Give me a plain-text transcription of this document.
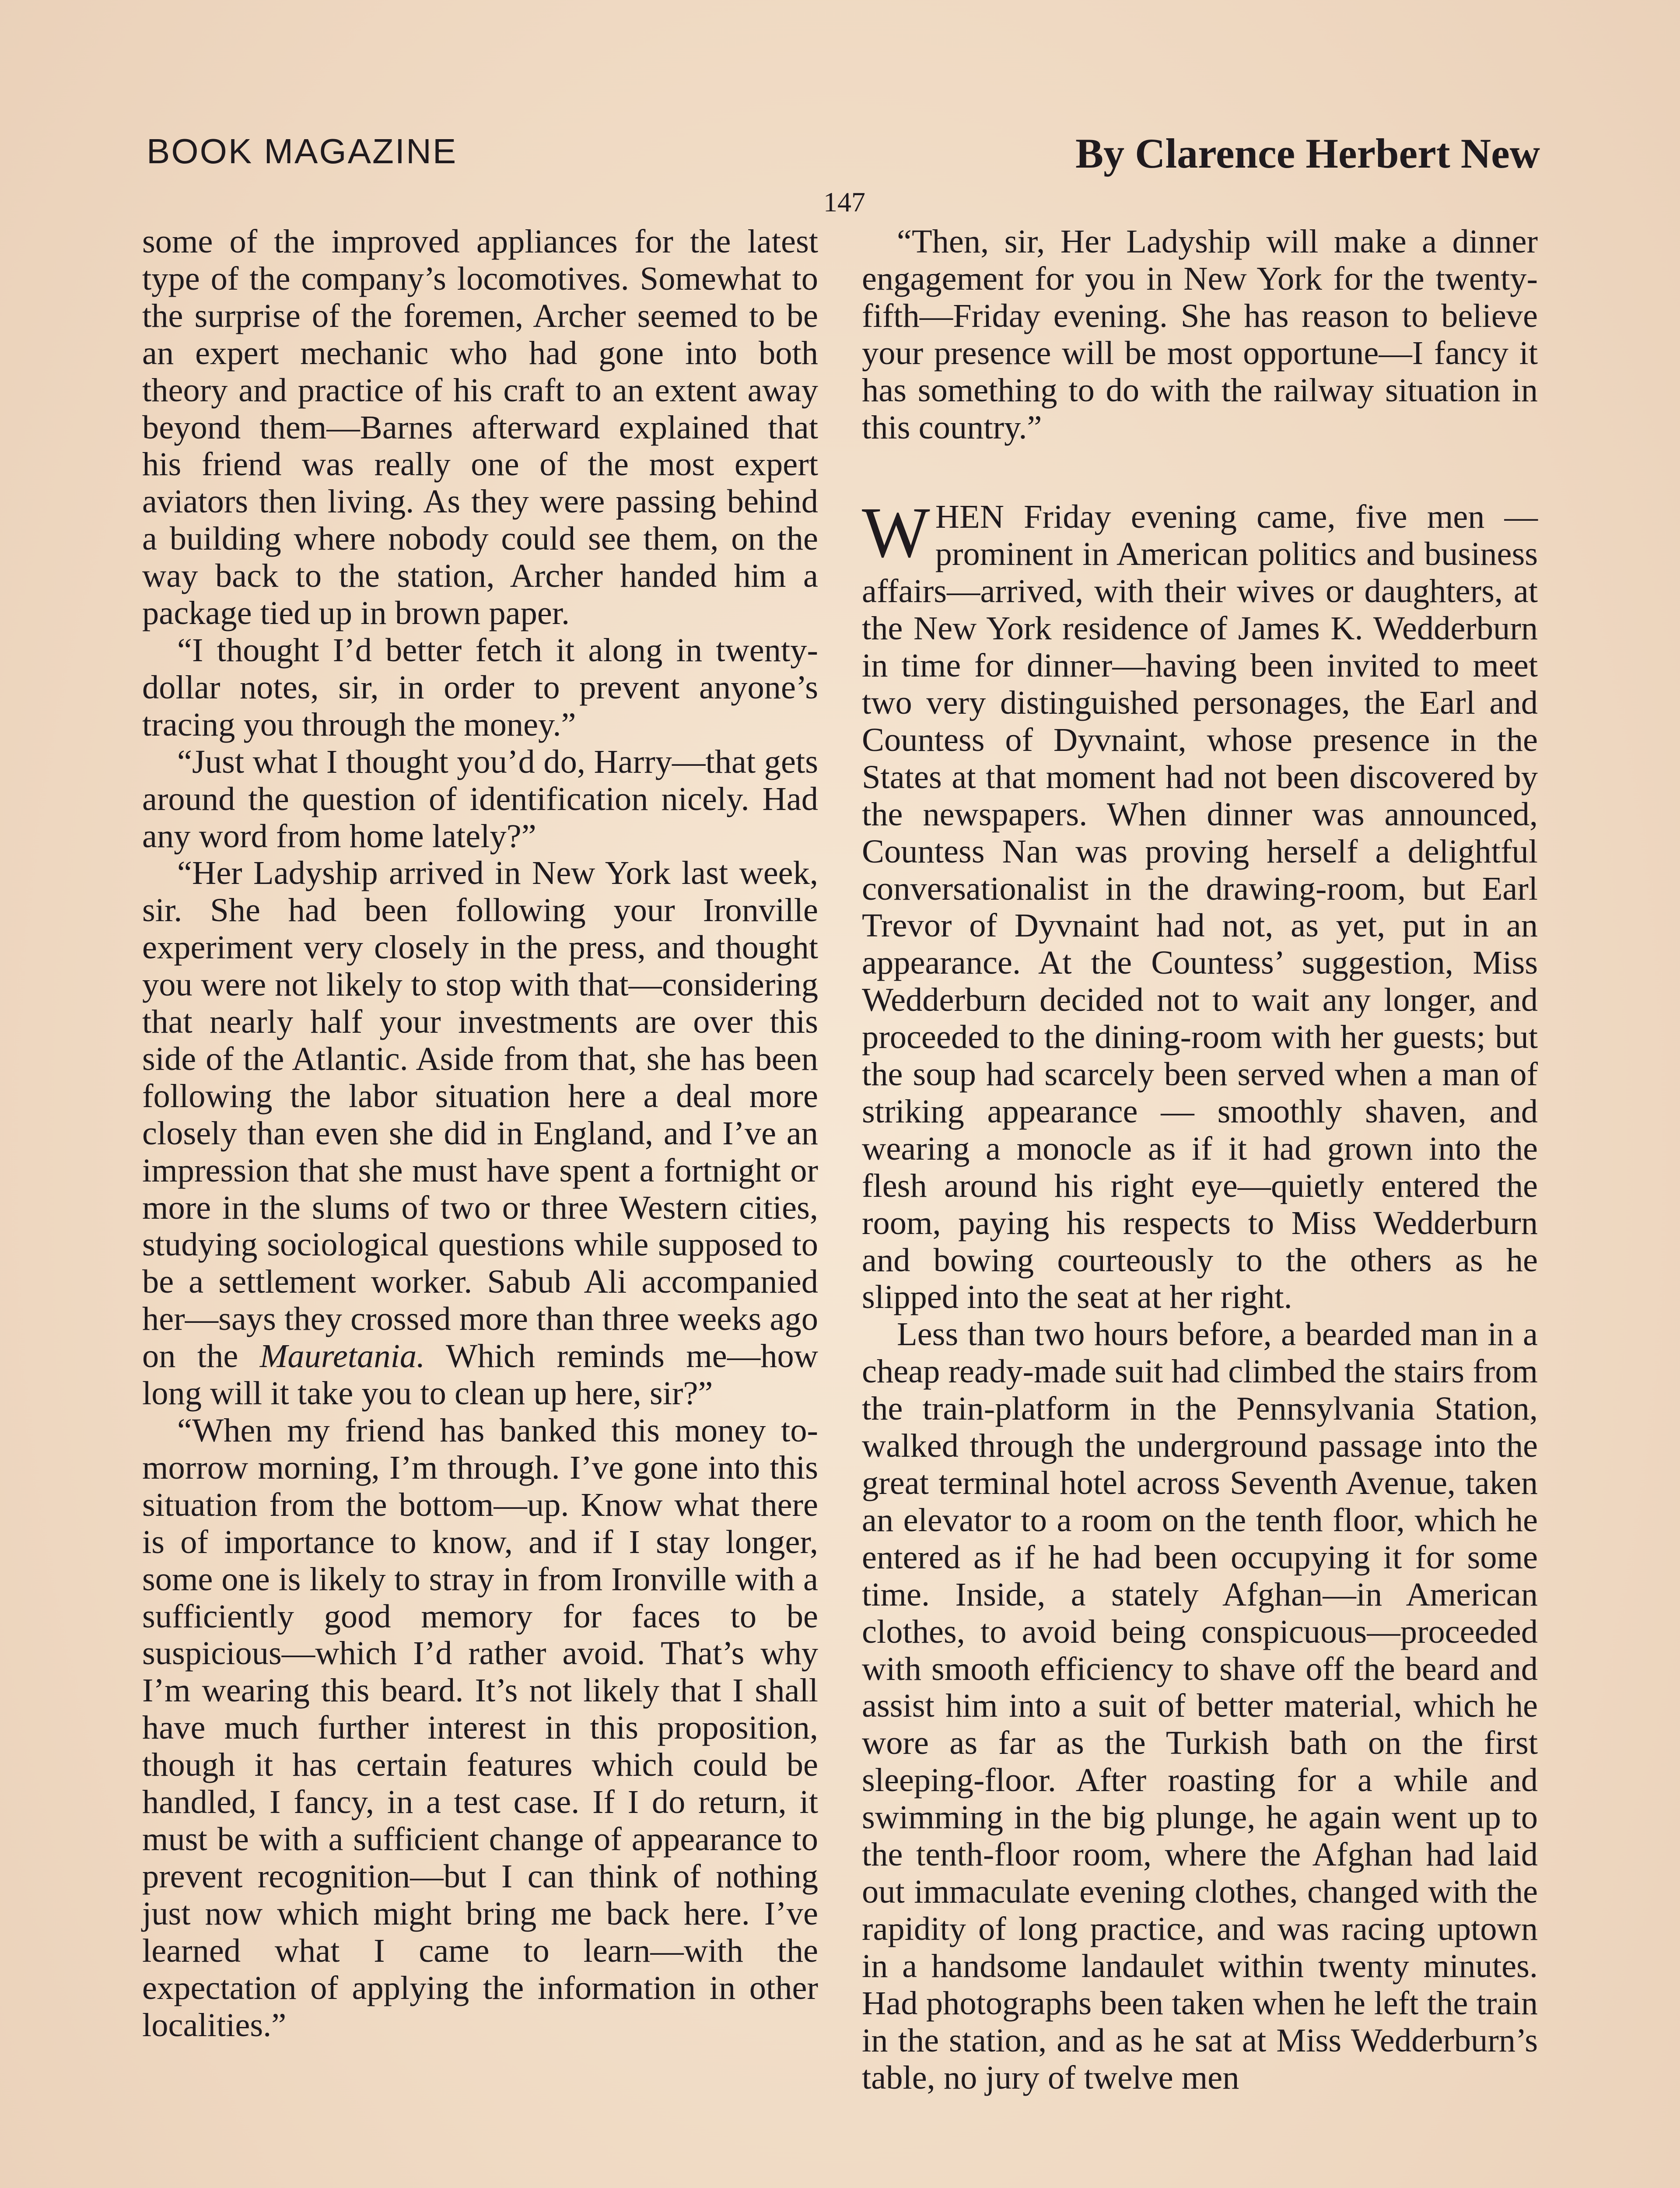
BOOK MAGAZINE	By Clarence Herbert New
147

some of the improved appliances for the latest type of the company’s locomotives. Somewhat to the surprise of the foremen, Archer seemed to be an expert mechanic who had gone into both theory and practice of his craft to an extent away beyond them—Barnes afterward explained that his friend was really one of the most expert aviators then living. As they were passing behind a building where nobody could see them, on the way back to the station, Archer handed him a package tied up in brown paper.

“I thought I’d better fetch it along in twenty-dollar notes, sir, in order to prevent anyone’s tracing you through the money.”

“Just what I thought you’d do, Harry—that gets around the question of identification nicely. Had any word from home lately?”

“Her Ladyship arrived in New York last week, sir. She had been following your Ironville experiment very closely in the press, and thought you were not likely to stop with that—considering that nearly half your investments are over this side of the Atlantic. Aside from that, she has been following the labor situation here a deal more closely than even she did in England, and I’ve an impression that she must have spent a fortnight or more in the slums of two or three Western cities, studying sociological questions while supposed to be a settlement worker. Sabub Ali accompanied her—says they crossed more than three weeks ago on the Mauretania. Which reminds me—how long will it take you to clean up here, sir?”

“When my friend has banked this money to-morrow morning, I’m through. I’ve gone into this situation from the bottom—up. Know what there is of importance to know, and if I stay longer, some one is likely to stray in from Ironville with a sufficiently good memory for faces to be suspicious—which I’d rather avoid. That’s why I’m wearing this beard. It’s not likely that I shall have much further interest in this proposition, though it has certain features which could be handled, I fancy, in a test case. If I do return, it must be with a sufficient change of appearance to prevent recognition—but I can think of nothing just now which might bring me back here. I’ve learned what I came to learn—with the expectation of applying the information in other localities.”

“Then, sir, Her Ladyship will make a dinner engagement for you in New York for the twenty-fifth—Friday evening. She has reason to believe your presence will be most opportune—I fancy it has something to do with the railway situation in this country.”

WHEN Friday evening came, five men —prominent in American politics and business affairs—arrived, with their wives or daughters, at the New York residence of James K. Wedderburn in time for dinner—having been invited to meet two very distinguished personages, the Earl and Countess of Dyvnaint, whose presence in the States at that moment had not been discovered by the newspapers. When dinner was announced, Countess Nan was proving herself a delightful conversationalist in the drawing-room, but Earl Trevor of Dyvnaint had not, as yet, put in an appearance. At the Countess’ suggestion, Miss Wedderburn decided not to wait any longer, and proceeded to the dining-room with her guests; but the soup had scarcely been served when a man of striking appearance — smoothly shaven, and wearing a monocle as if it had grown into the flesh around his right eye—quietly entered the room, paying his respects to Miss Wedderburn and bowing courteously to the others as he slipped into the seat at her right.

Less than two hours before, a bearded man in a cheap ready-made suit had climbed the stairs from the train-platform in the Pennsylvania Station, walked through the underground passage into the great terminal hotel across Seventh Avenue, taken an elevator to a room on the tenth floor, which he entered as if he had been occupying it for some time. Inside, a stately Afghan—in American clothes, to avoid being conspicuous—proceeded with smooth efficiency to shave off the beard and assist him into a suit of better material, which he wore as far as the Turkish bath on the first sleeping-floor. After roasting for a while and swimming in the big plunge, he again went up to the tenth-floor room, where the Afghan had laid out immaculate evening clothes, changed with the rapidity of long practice, and was racing uptown in a handsome landaulet within twenty minutes. Had photographs been taken when he left the train in the station, and as he sat at Miss Wedderburn’s table, no jury of twelve men
